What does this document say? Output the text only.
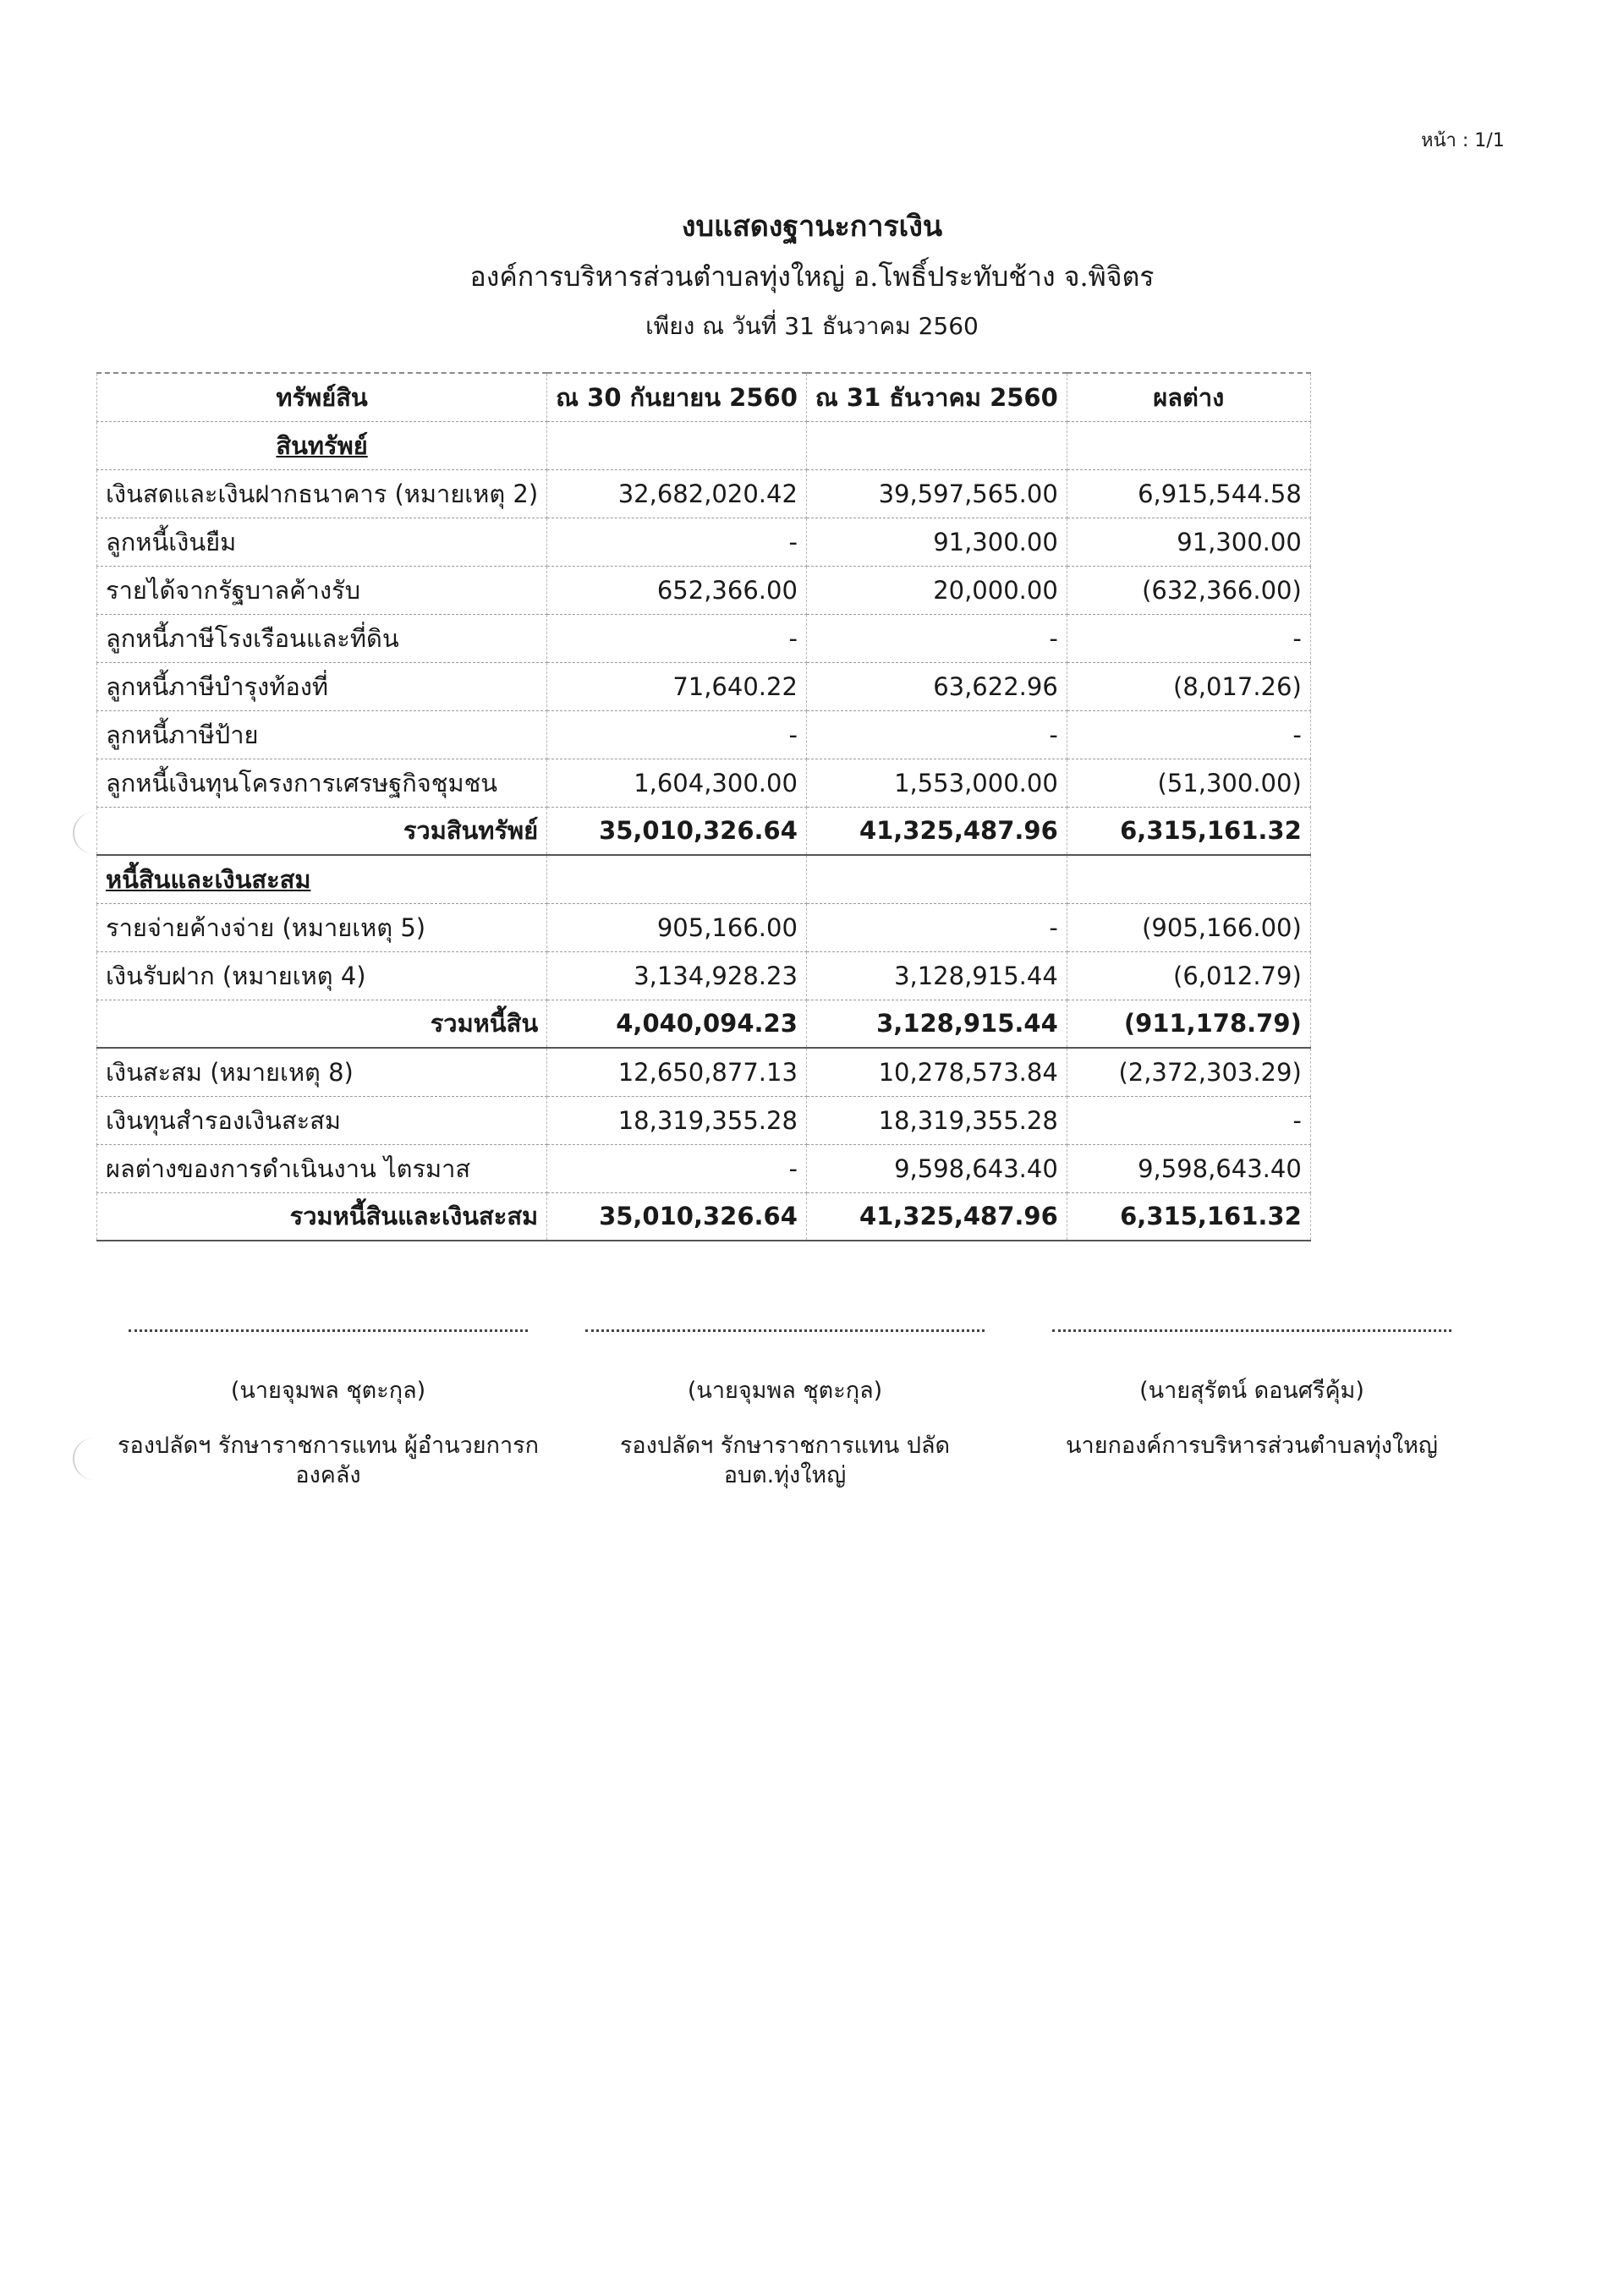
หน้า : 1/1
งบแสดงฐานะการเงิน
องค์การบริหารส่วนตำบลทุ่งใหญ่ อ.โพธิ์ประทับช้าง จ.พิจิตร
เพียง ณ วันที่ 31 ธันวาคม 2560
ทรัพย์สิน	ณ 30 กันยายน 2560	ณ 31 ธันวาคม 2560	ผลต่าง
สินทรัพย์			
เงินสดและเงินฝากธนาคาร (หมายเหตุ 2)	32,682,020.42	39,597,565.00	6,915,544.58
ลูกหนี้เงินยืม	-	91,300.00	91,300.00
รายได้จากรัฐบาลค้างรับ	652,366.00	20,000.00	(632,366.00)
ลูกหนี้ภาษีโรงเรือนและที่ดิน	-	-	-
ลูกหนี้ภาษีบำรุงท้องที่	71,640.22	63,622.96	(8,017.26)
ลูกหนี้ภาษีป้าย	-	-	-
ลูกหนี้เงินทุนโครงการเศรษฐกิจชุมชน	1,604,300.00	1,553,000.00	(51,300.00)
รวมสินทรัพย์	35,010,326.64	41,325,487.96	6,315,161.32
หนี้สินและเงินสะสม			
รายจ่ายค้างจ่าย (หมายเหตุ 5)	905,166.00	-	(905,166.00)
เงินรับฝาก (หมายเหตุ 4)	3,134,928.23	3,128,915.44	(6,012.79)
รวมหนี้สิน	4,040,094.23	3,128,915.44	(911,178.79)
เงินสะสม (หมายเหตุ 8)	12,650,877.13	10,278,573.84	(2,372,303.29)
เงินทุนสำรองเงินสะสม	18,319,355.28	18,319,355.28	-
ผลต่างของการดำเนินงาน ไตรมาส	-	9,598,643.40	9,598,643.40
รวมหนี้สินและเงินสะสม	35,010,326.64	41,325,487.96	6,315,161.32
(นายจุมพล ชุตะกุล)
รองปลัดฯ รักษาราชการแทน ผู้อำนวยการกองคลัง
(นายจุมพล ชุตะกุล)
รองปลัดฯ รักษาราชการแทน ปลัด อบต.ทุ่งใหญ่
(นายสุรัตน์ ดอนศรีคุ้ม)
นายกองค์การบริหารส่วนตำบลทุ่งใหญ่
